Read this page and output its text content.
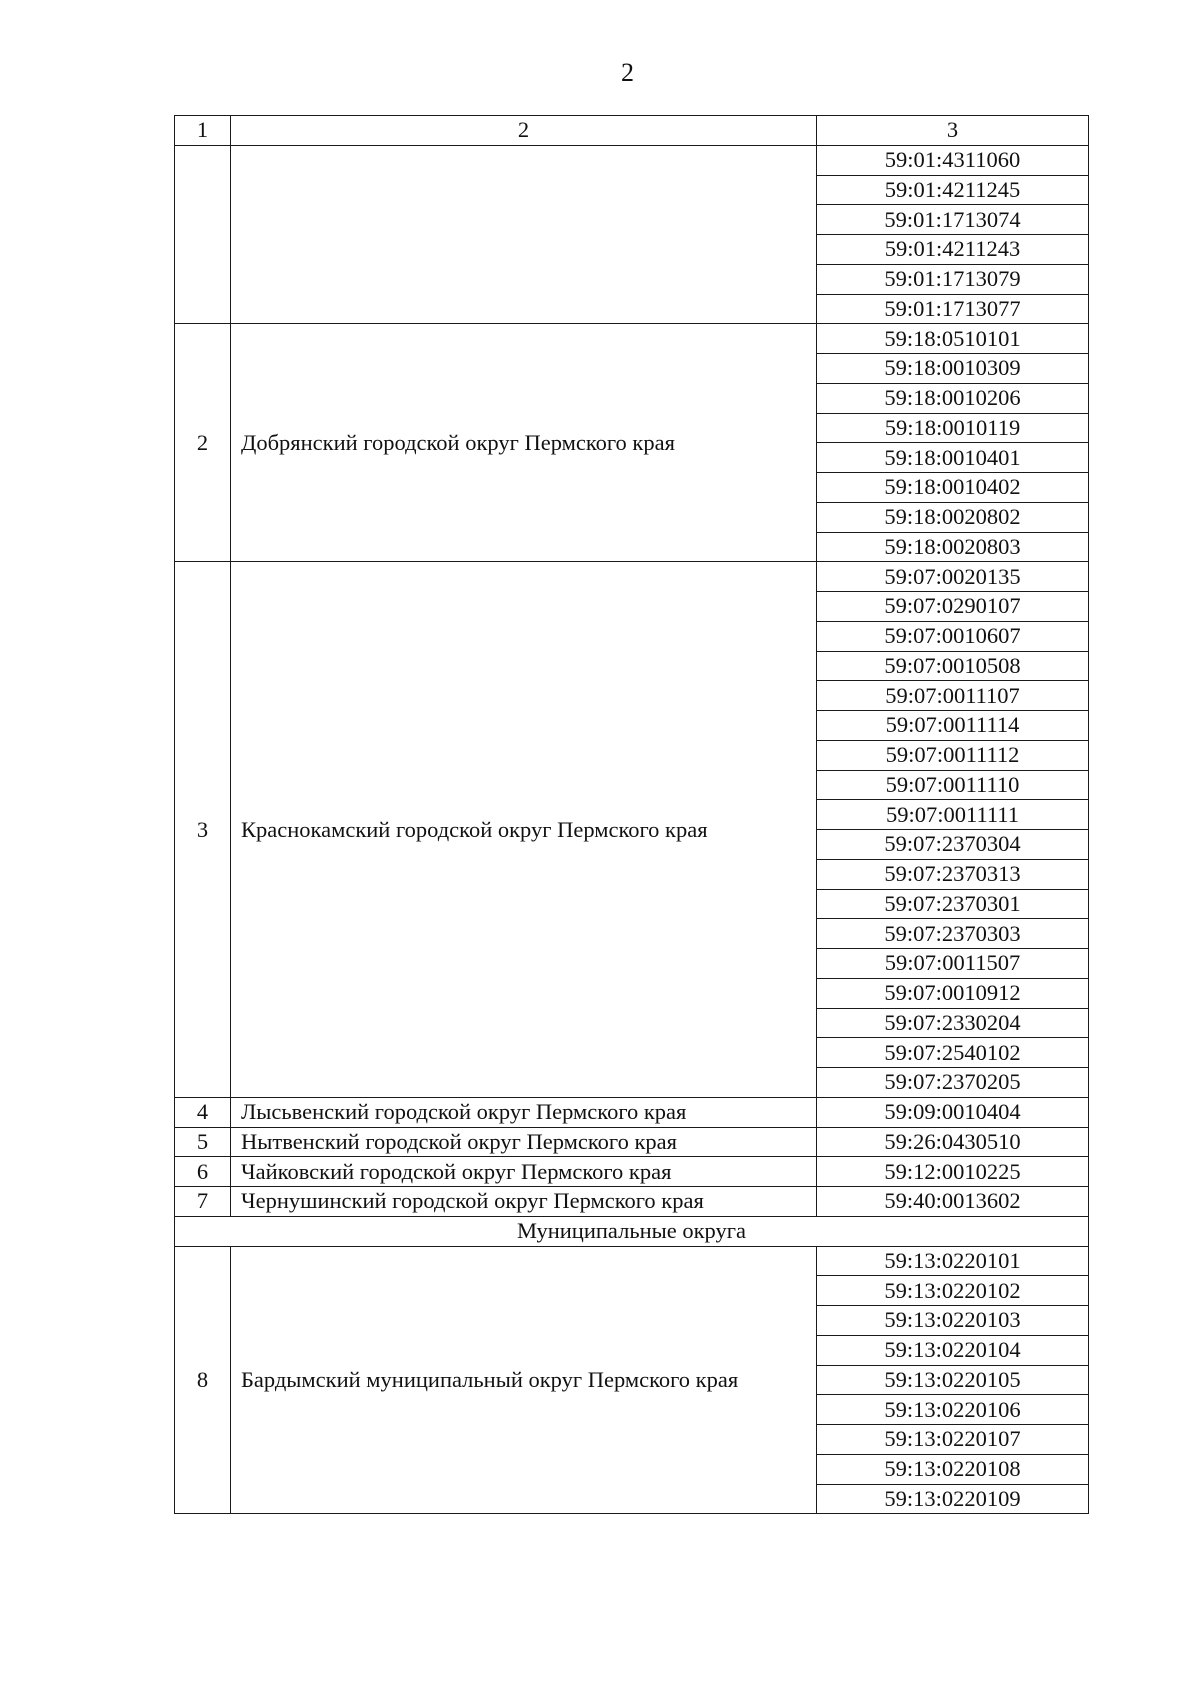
2
1	2	3
		59:01:4311060
		59:01:4211245
		59:01:1713074
		59:01:4211243
		59:01:1713079
		59:01:1713077
2	Добрянский городской округ Пермского края	59:18:0510101
		59:18:0010309
		59:18:0010206
		59:18:0010119
		59:18:0010401
		59:18:0010402
		59:18:0020802
		59:18:0020803
3	Краснокамский городской округ Пермского края	59:07:0020135
		59:07:0290107
		59:07:0010607
		59:07:0010508
		59:07:0011107
		59:07:0011114
		59:07:0011112
		59:07:0011110
		59:07:0011111
		59:07:2370304
		59:07:2370313
		59:07:2370301
		59:07:2370303
		59:07:0011507
		59:07:0010912
		59:07:2330204
		59:07:2540102
		59:07:2370205
4	Лысьвенский городской округ Пермского края	59:09:0010404
5	Нытвенский городской округ Пермского края	59:26:0430510
6	Чайковский городской округ Пермского края	59:12:0010225
7	Чернушинский городской округ Пермского края	59:40:0013602
Муниципальные округа		
8	Бардымский муниципальный округ Пермского края	59:13:0220101
		59:13:0220102
		59:13:0220103
		59:13:0220104
		59:13:0220105
		59:13:0220106
		59:13:0220107
		59:13:0220108
		59:13:0220109
